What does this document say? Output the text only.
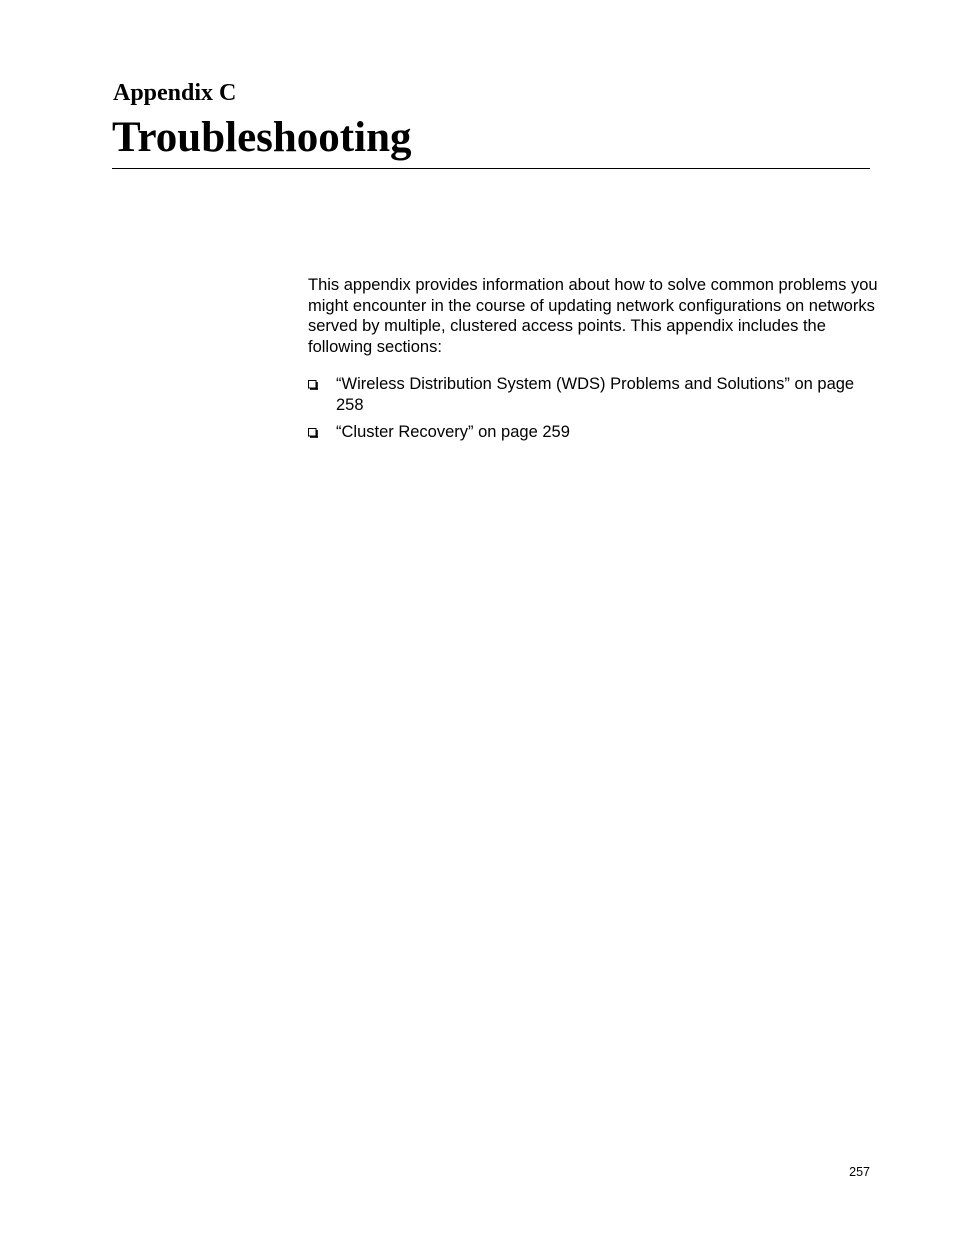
Appendix C
Troubleshooting

This appendix provides information about how to solve common problems you might encounter in the course of updating network configurations on networks served by multiple, clustered access points. This appendix includes the following sections:

“Wireless Distribution System (WDS) Problems and Solutions” on page 258
“Cluster Recovery” on page 259
257
